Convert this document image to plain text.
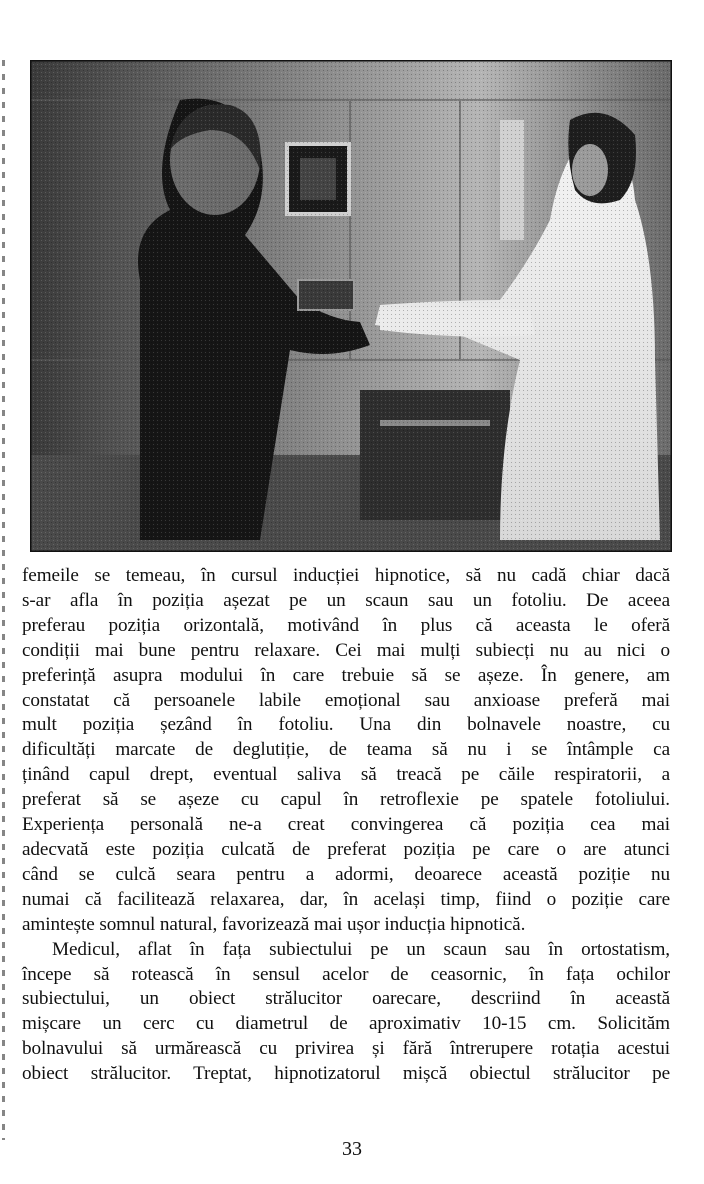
femeile se temeau, în cursul inducției hipnotice, să nu cadă chiar dacă
s-ar afla în poziția așezat pe un scaun sau un fotoliu. De aceea
preferau poziția orizontală, motivând în plus că aceasta le oferă
condiții mai bune pentru relaxare. Cei mai mulți subiecți nu au nici o
preferință asupra modului în care trebuie să se așeze. În genere, am
constatat că persoanele labile emoțional sau anxioase preferă mai
mult poziția șezând în fotoliu. Una din bolnavele noastre, cu
dificultăți marcate de deglutiție, de teama să nu i se întâmple ca
ținând capul drept, eventual saliva să treacă pe căile respiratorii, a
preferat să se așeze cu capul în retroflexie pe spatele fotoliului.
Experiența personală ne-a creat convingerea că poziția cea mai
adecvată este poziția culcată de preferat poziția pe care o are atunci
când se culcă seara pentru a adormi, deoarece această poziție nu
numai că facilitează relaxarea, dar, în același timp, fiind o poziție care
amintește somnul natural, favorizează mai ușor inducția hipnotică.
Medicul, aflat în fața subiectului pe un scaun sau în ortostatism,
începe să rotească în sensul acelor de ceasornic, în fața ochilor
subiectului, un obiect strălucitor oarecare, descriind în această
mișcare un cerc cu diametrul de aproximativ 10-15 cm. Solicităm
bolnavului să urmărească cu privirea și fără întrerupere rotația acestui
obiect strălucitor. Treptat, hipnotizatorul mișcă obiectul strălucitor pe
33
